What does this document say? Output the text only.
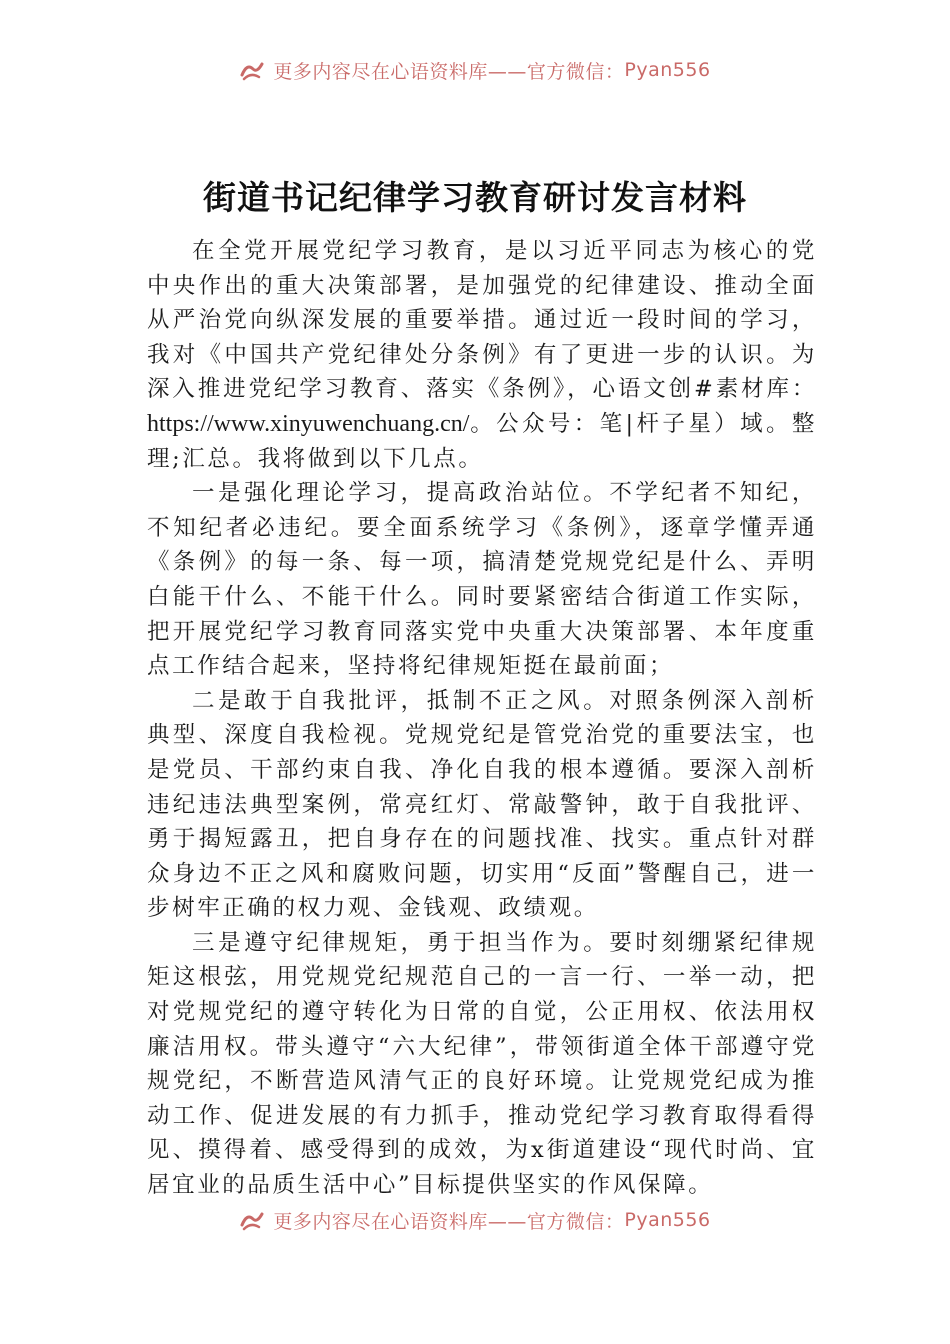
更多内容尽在心语资料库——官方微信： Pyan556
街道书记纪律学习教育研讨发言材料

在全党开展党纪学习教育，是以习近平同志为核心的党中央作出的重大决策部署，是加强党的纪律建设、推动全面从严治党向纵深发展的重要举措。通过近一段时间的学习，我对《中国共产党纪律处分条例》有了更进一步的认识。为深入推进党纪学习教育、落实《条例》，心语文创#素材库：https://www.xinyuwenchuang.cn/。公众号：笔|杆子星）域。整理;汇总。我将做到以下几点。

一是强化理论学习，提高政治站位。不学纪者不知纪，不知纪者必违纪。要全面系统学习《条例》，逐章学懂弄通《条例》的每一条、每一项，搞清楚党规党纪是什么、弄明白能干什么、不能干什么。同时要紧密结合街道工作实际，把开展党纪学习教育同落实党中央重大决策部署、本年度重点工作结合起来，坚持将纪律规矩挺在最前面；

二是敢于自我批评，抵制不正之风。对照条例深入剖析典型、深度自我检视。党规党纪是管党治党的重要法宝，也是党员、干部约束自我、净化自我的根本遵循。要深入剖析违纪违法典型案例，常亮红灯、常敲警钟，敢于自我批评、勇于揭短露丑，把自身存在的问题找准、找实。重点针对群众身边不正之风和腐败问题，切实用“反面”警醒自己，进一步树牢正确的权力观、金钱观、政绩观。

三是遵守纪律规矩，勇于担当作为。要时刻绷紧纪律规矩这根弦，用党规党纪规范自己的一言一行、一举一动，把对党规党纪的遵守转化为日常的自觉，公正用权、依法用权廉洁用权。带头遵守“六大纪律”，带领街道全体干部遵守党规党纪，不断营造风清气正的良好环境。让党规党纪成为推动工作、促进发展的有力抓手，推动党纪学习教育取得看得见、摸得着、感受得到的成效，为x街道建设“现代时尚、宜居宜业的品质生活中心”目标提供坚实的作风保障。

更多内容尽在心语资料库——官方微信： Pyan556
